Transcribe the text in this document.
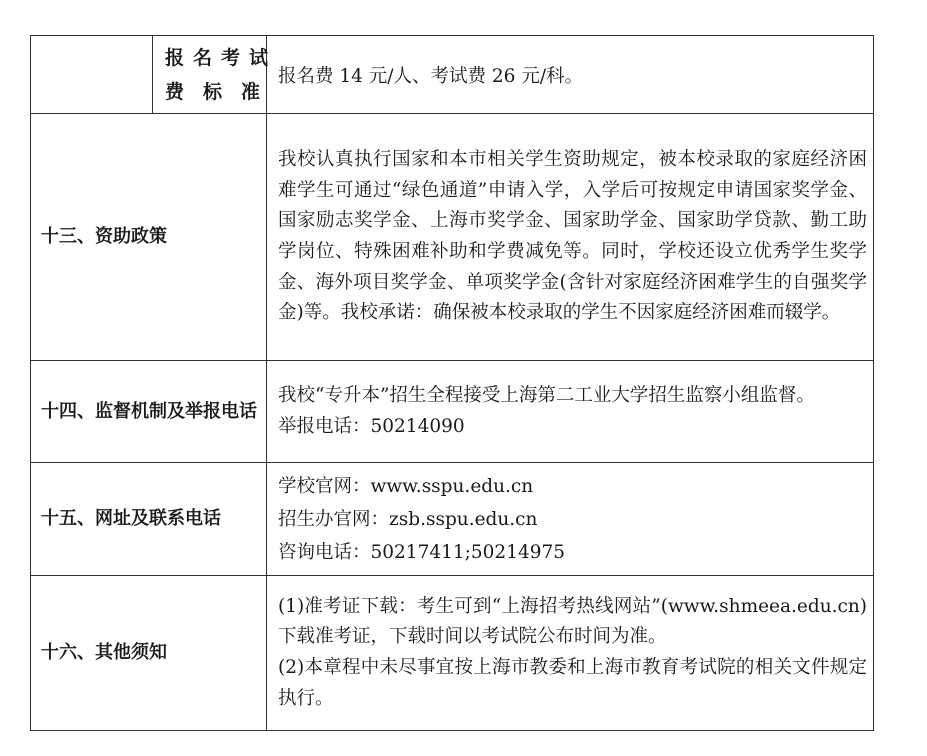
	报名考试
费标准	报名费 14 元/人、考试费 26 元/科。
十三、资助政策		我校认真执行国家和本市相关学生资助规定，被本校录取的家庭经济困难学生可通过“绿色通道”申请入学，入学后可按规定申请国家奖学金、国家励志奖学金、上海市奖学金、国家助学金、国家助学贷款、勤工助学岗位、特殊困难补助和学费减免等。同时，学校还设立优秀学生奖学金、海外项目奖学金、单项奖学金(含针对家庭经济困难学生的自强奖学金)等。我校承诺：确保被本校录取的学生不因家庭经济困难而辍学。
十四、监督机制及举报电话		我校“专升本”招生全程接受上海第二工业大学招生监察小组监督。

举报电话：50214090

十五、网址及联系电话		学校官网：www.sspu.edu.cn

招生办官网：zsb.sspu.edu.cn

咨询电话：50217411;50214975

十六、其他须知		(1)准考证下载：考生可到“上海招考热线网站”(www.shmeea.edu.cn)下载准考证，下载时间以考试院公布时间为准。

(2)本章程中未尽事宜按上海市教委和上海市教育考试院的相关文件规定执行。
